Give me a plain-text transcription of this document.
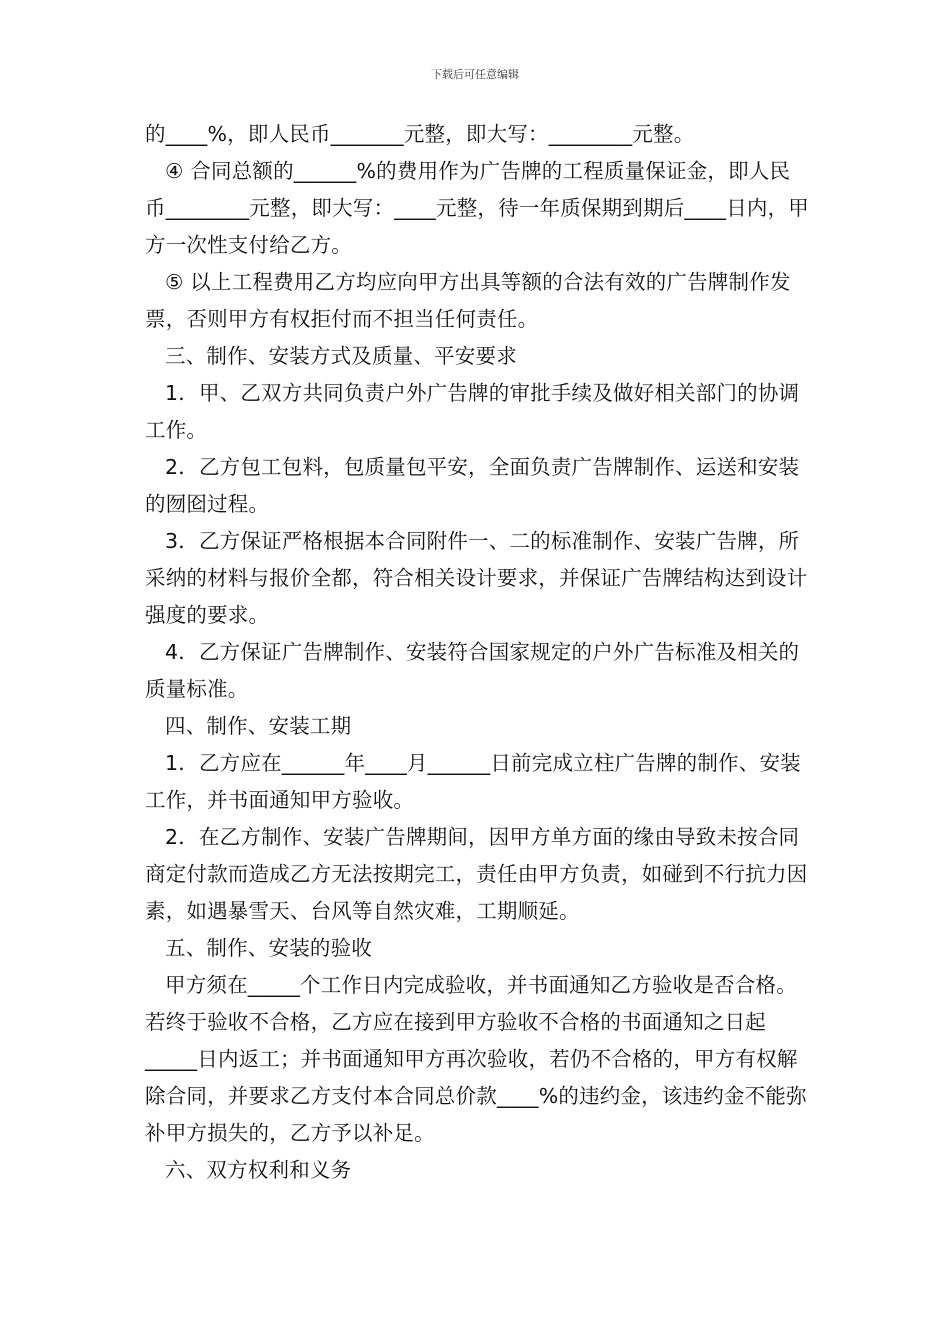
下载后可任意编辑

的____%，即人民币_______元整，即大写：________元整。

④ 合同总额的______%的费用作为广告牌的工程质量保证金，即人民币________元整，即大写：____元整，待一年质保期到期后____日内，甲方一次性支付给乙方。

⑤ 以上工程费用乙方均应向甲方出具等额的合法有效的广告牌制作发票，否则甲方有权拒付而不担当任何责任。

三、制作、安装方式及质量、平安要求

1．甲、乙双方共同负责户外广告牌的审批手续及做好相关部门的协调工作。

2．乙方包工包料，包质量包平安，全面负责广告牌制作、运送和安装的囫囵过程。

3．乙方保证严格根据本合同附件一、二的标准制作、安装广告牌，所采纳的材料与报价全都，符合相关设计要求，并保证广告牌结构达到设计强度的要求。

4．乙方保证广告牌制作、安装符合国家规定的户外广告标准及相关的质量标准。

四、制作、安装工期

1．乙方应在______年____月______日前完成立柱广告牌的制作、安装工作，并书面通知甲方验收。

2．在乙方制作、安装广告牌期间，因甲方单方面的缘由导致未按合同商定付款而造成乙方无法按期完工，责任由甲方负责，如碰到不行抗力因素，如遇暴雪天、台风等自然灾难，工期顺延。

五、制作、安装的验收

甲方须在_____个工作日内完成验收，并书面通知乙方验收是否合格。若终于验收不合格，乙方应在接到甲方验收不合格的书面通知之日起_____日内返工；并书面通知甲方再次验收，若仍不合格的，甲方有权解除合同，并要求乙方支付本合同总价款____%的违约金，该违约金不能弥补甲方损失的，乙方予以补足。

六、双方权利和义务
